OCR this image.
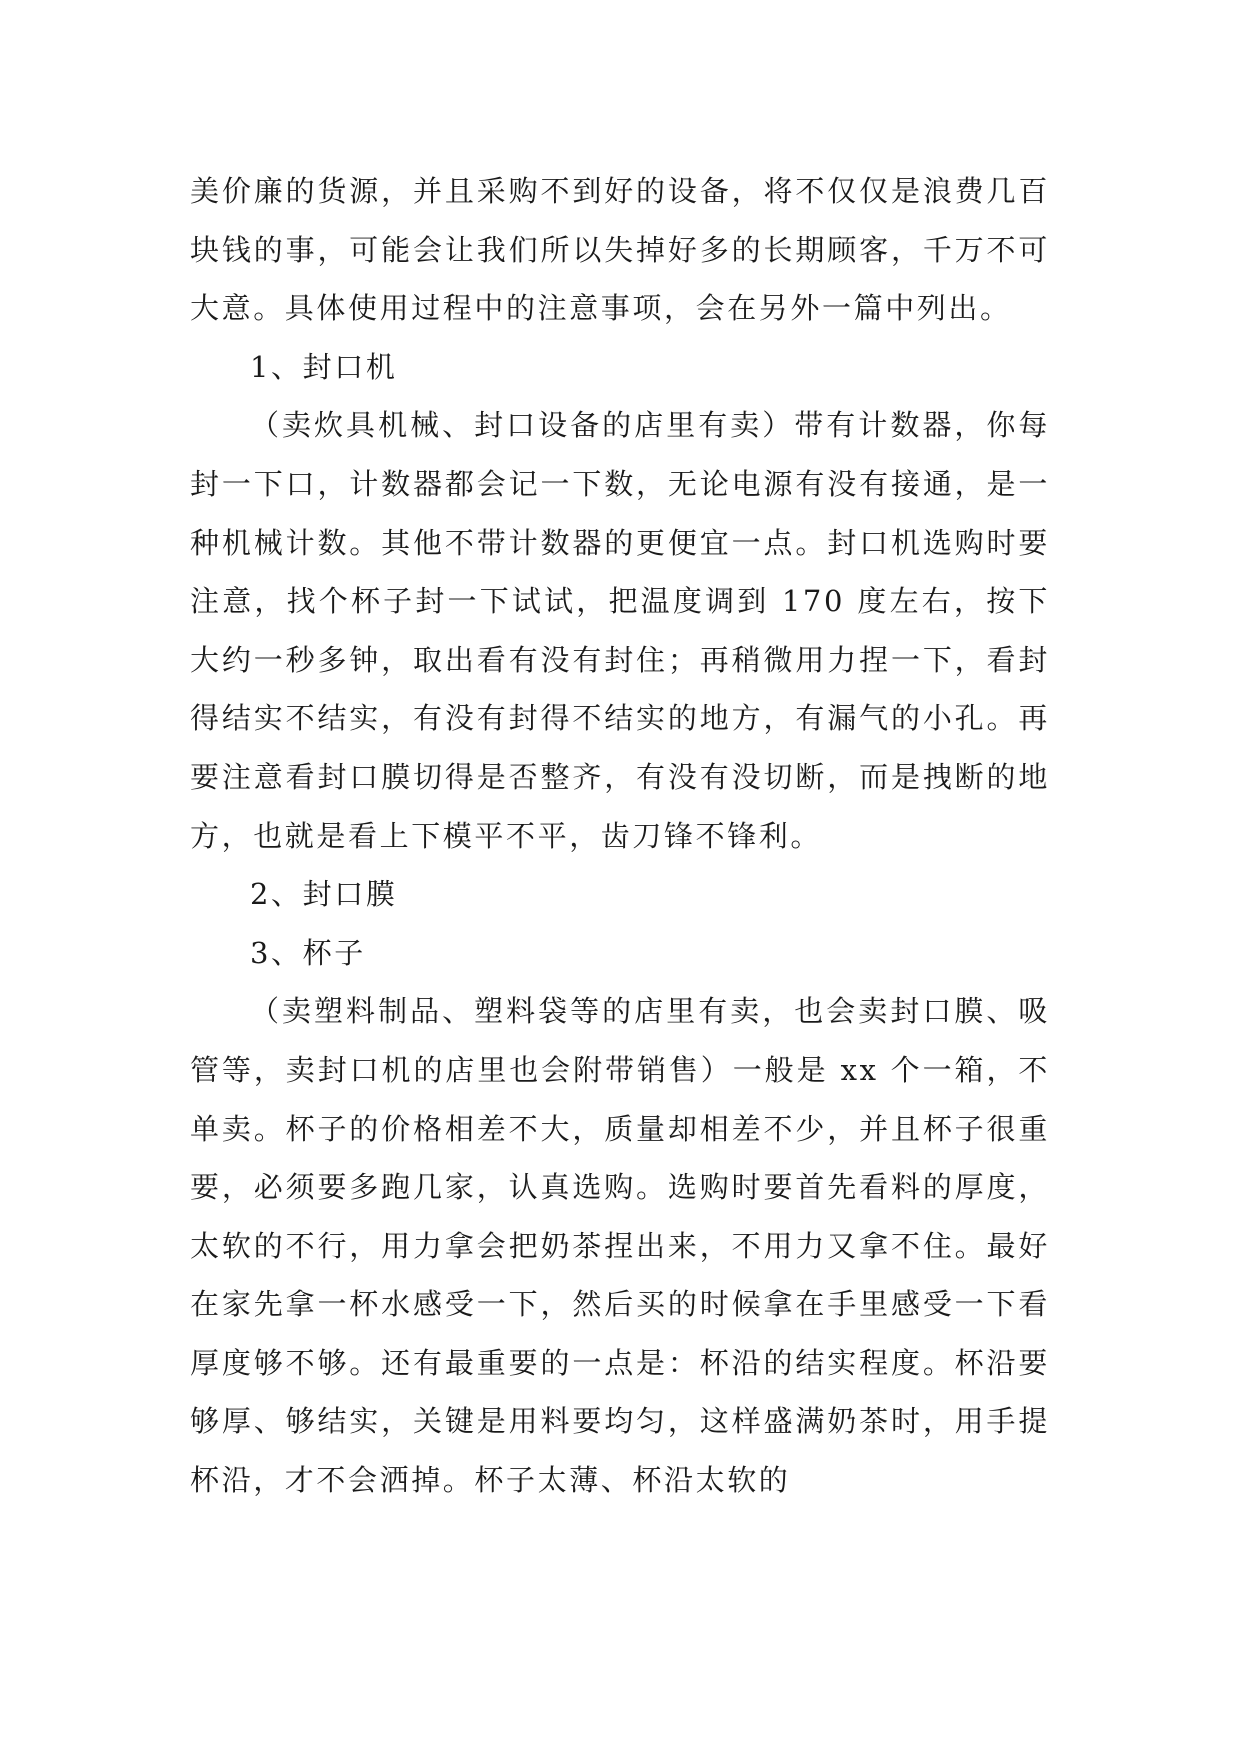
美价廉的货源，并且采购不到好的设备，将不仅仅是浪费几百块钱的事，可能会让我们所以失掉好多的长期顾客，千万不可大意。具体使用过程中的注意事项，会在另外一篇中列出。

1、封口机

（卖炊具机械、封口设备的店里有卖）带有计数器，你每封一下口，计数器都会记一下数，无论电源有没有接通，是一种机械计数。其他不带计数器的更便宜一点。封口机选购时要注意，找个杯子封一下试试，把温度调到 170 度左右，按下大约一秒多钟，取出看有没有封住；再稍微用力捏一下，看封得结实不结实，有没有封得不结实的地方，有漏气的小孔。再要注意看封口膜切得是否整齐，有没有没切断，而是拽断的地方，也就是看上下模平不平，齿刀锋不锋利。

2、封口膜

3、杯子

（卖塑料制品、塑料袋等的店里有卖，也会卖封口膜、吸管等，卖封口机的店里也会附带销售）一般是 xx 个一箱，不单卖。杯子的价格相差不大，质量却相差不少，并且杯子很重要，必须要多跑几家，认真选购。选购时要首先看料的厚度，太软的不行，用力拿会把奶茶捏出来，不用力又拿不住。最好在家先拿一杯水感受一下，然后买的时候拿在手里感受一下看厚度够不够。还有最重要的一点是：杯沿的结实程度。杯沿要够厚、够结实，关键是用料要均匀，这样盛满奶茶时，用手提杯沿，才不会洒掉。杯子太薄、杯沿太软的
